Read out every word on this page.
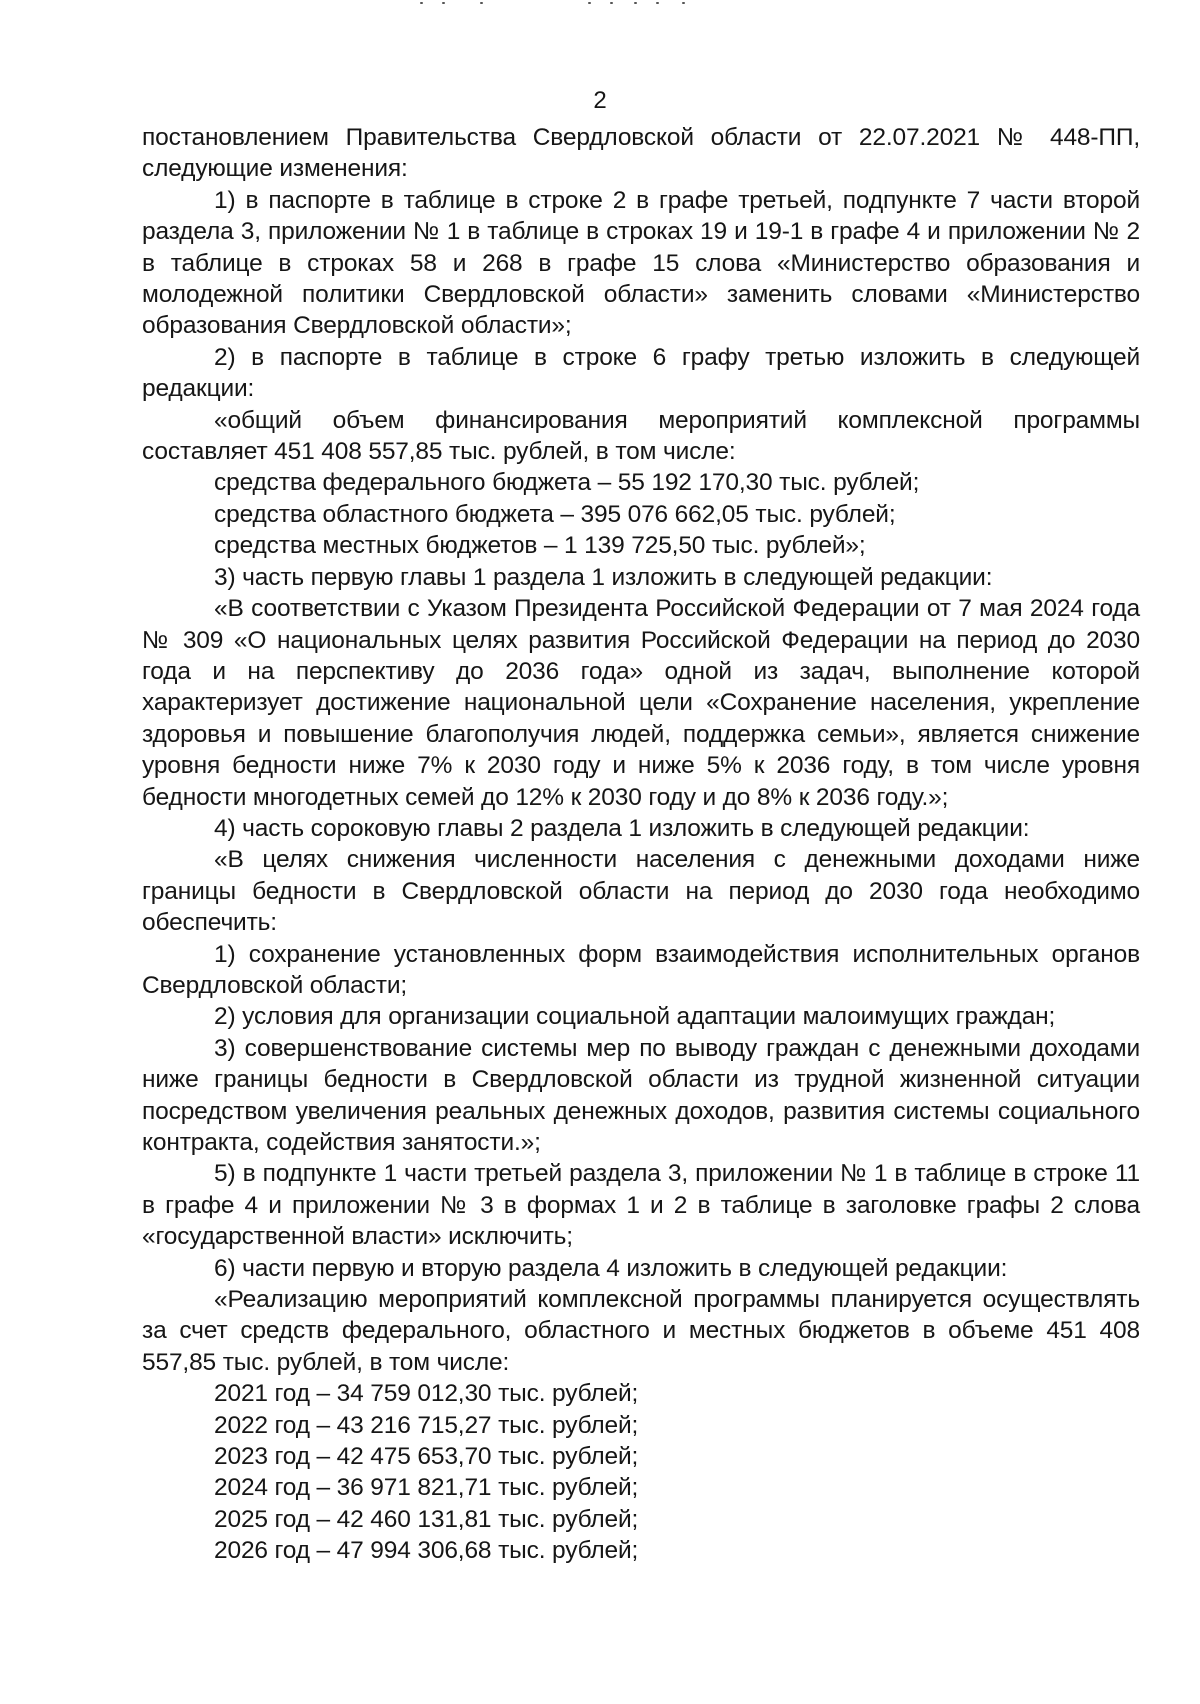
2

постановлением Правительства Свердловской области от 22.07.2021 № 448-ПП, следующие изменения:

1) в паспорте в таблице в строке 2 в графе третьей, подпункте 7 части второй раздела 3, приложении № 1 в таблице в строках 19 и 19-1 в графе 4 и приложении № 2 в таблице в строках 58 и 268 в графе 15 слова «Министерство образования и молодежной политики Свердловской области» заменить словами «Министерство образования Свердловской области»;

2) в паспорте в таблице в строке 6 графу третью изложить в следующей редакции:

«общий объем финансирования мероприятий комплексной программы составляет 451 408 557,85 тыс. рублей, в том числе:

средства федерального бюджета – 55 192 170,30 тыс. рублей;

средства областного бюджета – 395 076 662,05 тыс. рублей;

средства местных бюджетов – 1 139 725,50 тыс. рублей»;

3) часть первую главы 1 раздела 1 изложить в следующей редакции:

«В соответствии с Указом Президента Российской Федерации от 7 мая 2024 года № 309 «О национальных целях развития Российской Федерации на период до 2030 года и на перспективу до 2036 года» одной из задач, выполнение которой характеризует достижение национальной цели «Сохранение населения, укрепление здоровья и повышение благополучия людей, поддержка семьи», является снижение уровня бедности ниже 7% к 2030 году и ниже 5% к 2036 году, в том числе уровня бедности многодетных семей до 12% к 2030 году и до 8% к 2036 году.»;

4) часть сороковую главы 2 раздела 1 изложить в следующей редакции:

«В целях снижения численности населения с денежными доходами ниже границы бедности в Свердловской области на период до 2030 года необходимо обеспечить:

1) сохранение установленных форм взаимодействия исполнительных органов Свердловской области;

2) условия для организации социальной адаптации малоимущих граждан;

3) совершенствование системы мер по выводу граждан с денежными доходами ниже границы бедности в Свердловской области из трудной жизненной ситуации посредством увеличения реальных денежных доходов, развития системы социального контракта, содействия занятости.»;

5) в подпункте 1 части третьей раздела 3, приложении № 1 в таблице в строке 11 в графе 4 и приложении № 3 в формах 1 и 2 в таблице в заголовке графы 2 слова «государственной власти» исключить;

6) части первую и вторую раздела 4 изложить в следующей редакции:

«Реализацию мероприятий комплексной программы планируется осуществлять за счет средств федерального, областного и местных бюджетов в объеме 451 408 557,85 тыс. рублей, в том числе:

2021 год – 34 759 012,30 тыс. рублей;

2022 год – 43 216 715,27 тыс. рублей;

2023 год – 42 475 653,70 тыс. рублей;

2024 год – 36 971 821,71 тыс. рублей;

2025 год – 42 460 131,81 тыс. рублей;

2026 год – 47 994 306,68 тыс. рублей;
